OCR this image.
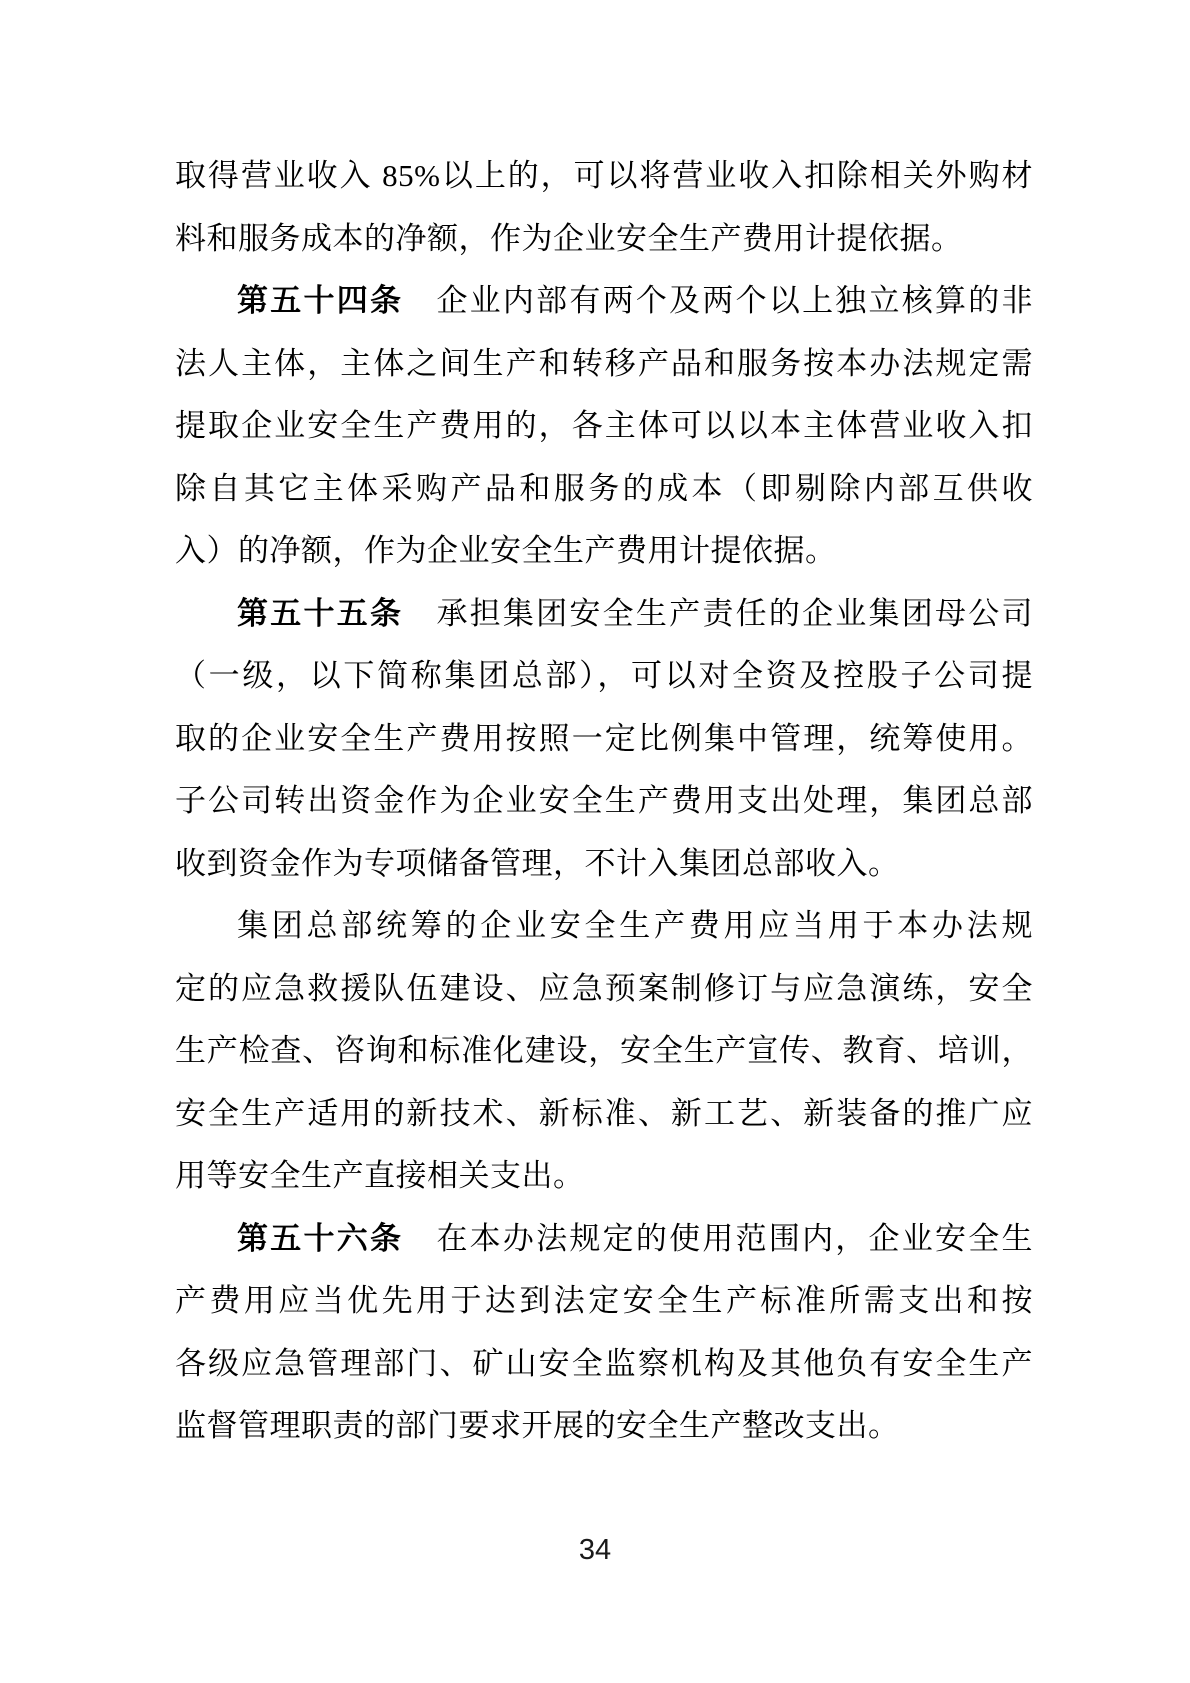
取得营业收入 85%以上的，可以将营业收入扣除相关外购材
料和服务成本的净额，作为企业安全生产费用计提依据。
第五十四条　企业内部有两个及两个以上独立核算的非
法人主体，主体之间生产和转移产品和服务按本办法规定需
提取企业安全生产费用的，各主体可以以本主体营业收入扣
除自其它主体采购产品和服务的成本（即剔除内部互供收
入）的净额，作为企业安全生产费用计提依据。
第五十五条　承担集团安全生产责任的企业集团母公司
（一级，以下简称集团总部），可以对全资及控股子公司提
取的企业安全生产费用按照一定比例集中管理，统筹使用。
子公司转出资金作为企业安全生产费用支出处理，集团总部
收到资金作为专项储备管理，不计入集团总部收入。
集团总部统筹的企业安全生产费用应当用于本办法规
定的应急救援队伍建设、应急预案制修订与应急演练，安全
生产检查、咨询和标准化建设，安全生产宣传、教育、培训，
安全生产适用的新技术、新标准、新工艺、新装备的推广应
用等安全生产直接相关支出。
第五十六条　在本办法规定的使用范围内，企业安全生
产费用应当优先用于达到法定安全生产标准所需支出和按
各级应急管理部门、矿山安全监察机构及其他负有安全生产
监督管理职责的部门要求开展的安全生产整改支出。
34
